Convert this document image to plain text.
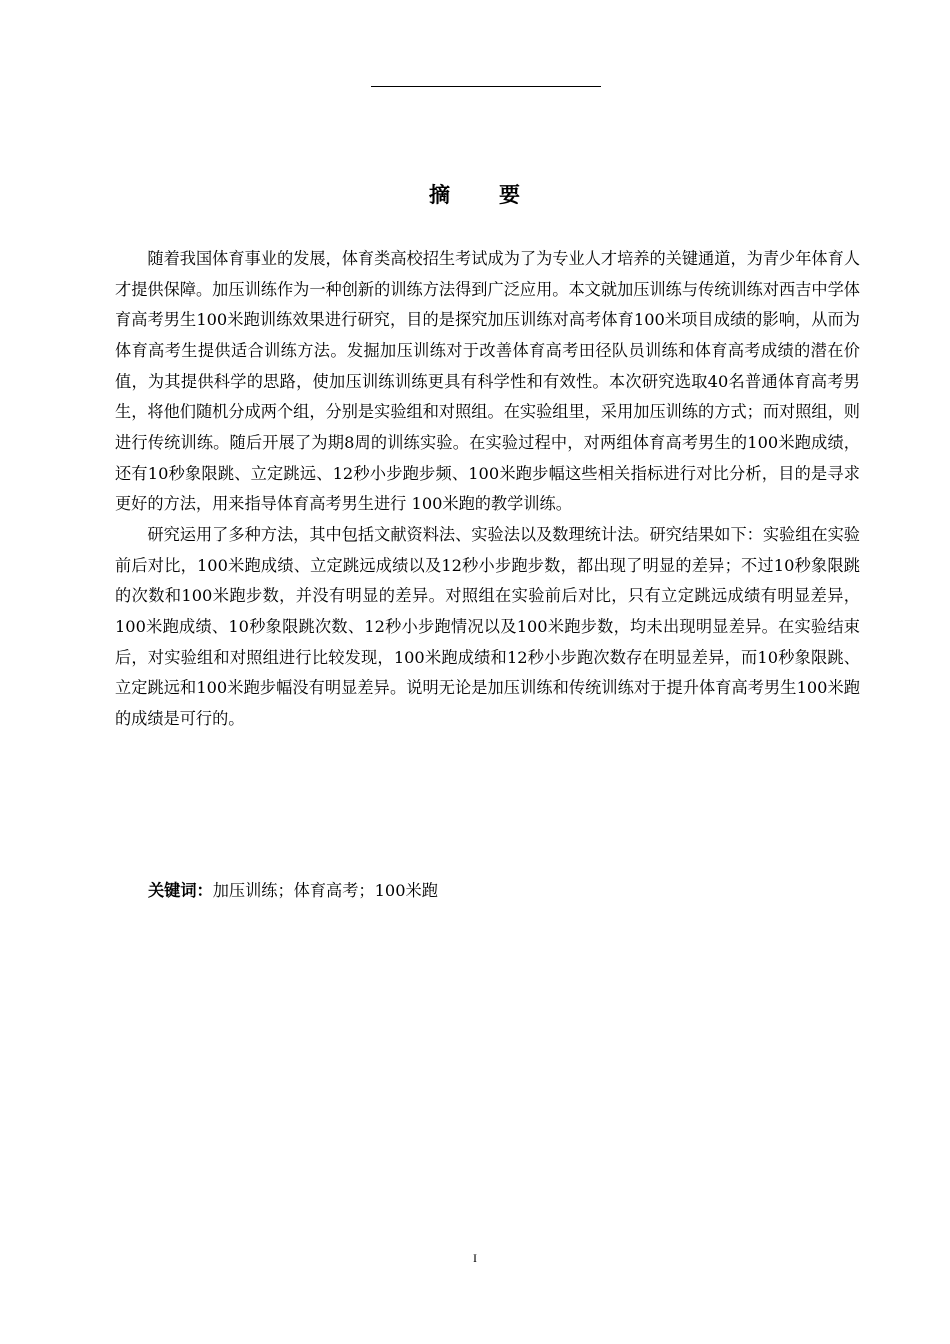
摘 要

随着我国体育事业的发展，体育类高校招生考试成为了为专业人才培养的关键通道，为青少年体育人才提供保障。加压训练作为一种创新的训练方法得到广泛应用。本文就加压训练与传统训练对西吉中学体育高考男生100米跑训练效果进行研究，目的是探究加压训练对高考体育100米项目成绩的影响，从而为体育高考生提供适合训练方法。发掘加压训练对于改善体育高考田径队员训练和体育高考成绩的潜在价值，为其提供科学的思路，使加压训练训练更具有科学性和有效性。本次研究选取40名普通体育高考男生，将他们随机分成两个组，分别是实验组和对照组。在实验组里，采用加压训练的方式；而对照组，则进行传统训练。随后开展了为期8周的训练实验。在实验过程中，对两组体育高考男生的100米跑成绩，还有10秒象限跳、立定跳远、12秒小步跑步频、100米跑步幅这些相关指标进行对比分析，目的是寻求更好的方法，用来指导体育高考男生进行 100米跑的教学训练。

研究运用了多种方法，其中包括文献资料法、实验法以及数理统计法。研究结果如下：实验组在实验前后对比，100米跑成绩、立定跳远成绩以及12秒小步跑步数，都出现了明显的差异；不过10秒象限跳的次数和100米跑步数，并没有明显的差异。对照组在实验前后对比，只有立定跳远成绩有明显差异，100米跑成绩、10秒象限跳次数、12秒小步跑情况以及100米跑步数，均未出现明显差异。在实验结束后，对实验组和对照组进行比较发现，100米跑成绩和12秒小步跑次数存在明显差异，而10秒象限跳、立定跳远和100米跑步幅没有明显差异。说明无论是加压训练和传统训练对于提升体育高考男生100米跑的成绩是可行的。

关键词：加压训练；体育高考；100米跑
I
